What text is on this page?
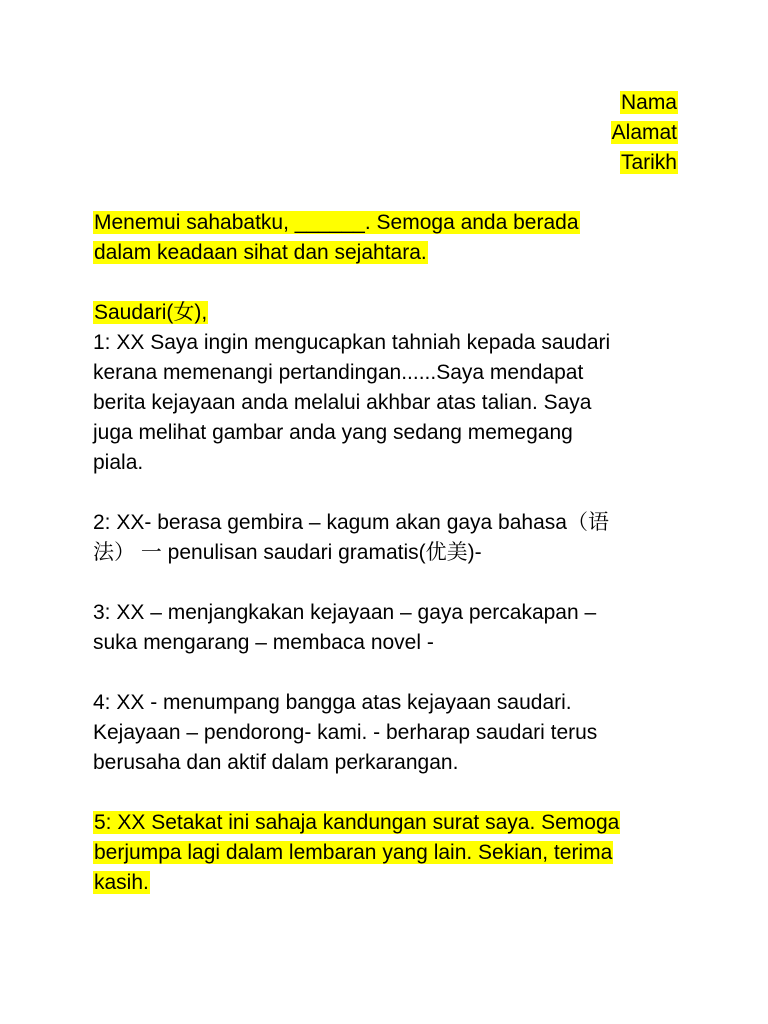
Nama
Alamat
Tarikh

Menemui sahabatku, ______. Semoga anda berada

dalam keadaan sihat dan sejahtara.

Saudari(女),

1: XX Saya ingin mengucapkan tahniah kepada saudari

kerana memenangi pertandingan......Saya mendapat

berita kejayaan anda melalui akhbar atas talian. Saya

juga melihat gambar anda yang sedang memegang

piala.

2: XX- berasa gembira – kagum akan gaya bahasa（语

法） 一 penulisan saudari gramatis(优美)-

3: XX – menjangkakan kejayaan – gaya percakapan –

suka mengarang – membaca novel -

4: XX - menumpang bangga atas kejayaan saudari.

Kejayaan – pendorong- kami. - berharap saudari terus

berusaha dan aktif dalam perkarangan.

5: XX Setakat ini sahaja kandungan surat saya. Semoga

berjumpa lagi dalam lembaran yang lain. Sekian, terima

kasih.
